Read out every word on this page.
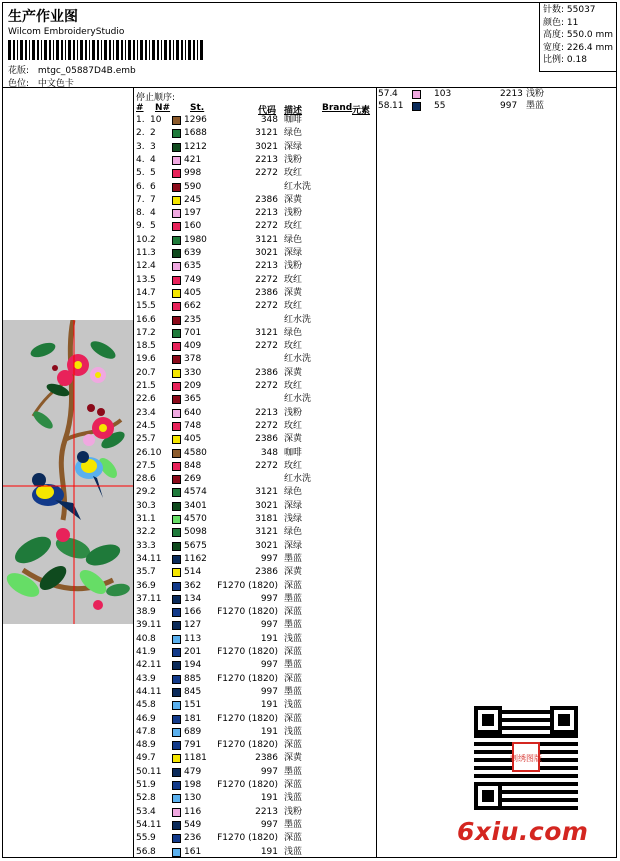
生产作业图
Wilcom EmbroideryStudio
花版: mtgc_05887D4B.emb
色位: 中文色卡
针数: 55037
颜色: 11
高度: 550.0 mm
宽度: 226.4 mm
比例: 0.18
停止顺序:
# N# St.	代码 描述 Brand 元素
1. 10	1296	348 咖啡
2. 2	1688	3121 绿色
3. 3	1212	3021 深绿
4. 4	421	2213 浅粉
5. 5	998	2272 玫红
6. 6	590	红水洗
7. 7	245	2386 深黄
8. 4	197	2213 浅粉
9. 5	160	2272 玫红
10. 2	1980	3121 绿色
11. 3	639	3021 深绿
12. 4	635	2213 浅粉
13. 5	749	2272 玫红
14. 7	405	2386 深黄
15. 5	662	2272 玫红
16. 6	235	红水洗
17. 2	701	3121 绿色
18. 5	409	2272 玫红
19. 6	378	红水洗
20. 7	330	2386 深黄
21. 5	209	2272 玫红
22. 6	365	红水洗
23. 4	640	2213 浅粉
24. 5	748	2272 玫红
25. 7	405	2386 深黄
26. 10	4580	348 咖啡
27. 5	848	2272 玫红
28. 6	269	红水洗
29. 2	4574	3121 绿色
30. 3	3401	3021 深绿
31. 1	4570	3181 浅绿
32. 2	5098	3121 绿色
33. 3	5675	3021 深绿
34. 11	1162	997 墨蓝
35. 7	514	2386 深黄
36. 9	362	F1270 (1820) 深蓝
37. 11	134	997 墨蓝
38. 9	166	F1270 (1820) 深蓝
39. 11	127	997 墨蓝
40. 8	113	191 浅蓝
41. 9	201	F1270 (1820) 深蓝
42. 11	194	997 墨蓝
43. 9	885	F1270 (1820) 深蓝
44. 11	845	997 墨蓝
45. 8	151	191 浅蓝
46. 9	181	F1270 (1820) 深蓝
47. 8	689	191 浅蓝
48. 9	791	F1270 (1820) 深蓝
49. 7	1181	2386 深黄
50. 11	479	997 墨蓝
51. 9	198	F1270 (1820) 深蓝
52. 8	130	191 浅蓝
53. 4	116	2213 浅粉
54. 11	549	997 墨蓝
55. 9	236	F1270 (1820) 深蓝
56. 8	161	191 浅蓝
57. 4	103	2213 浅粉
58. 11	55	997 墨蓝
刺绣图版
6xiu.com
